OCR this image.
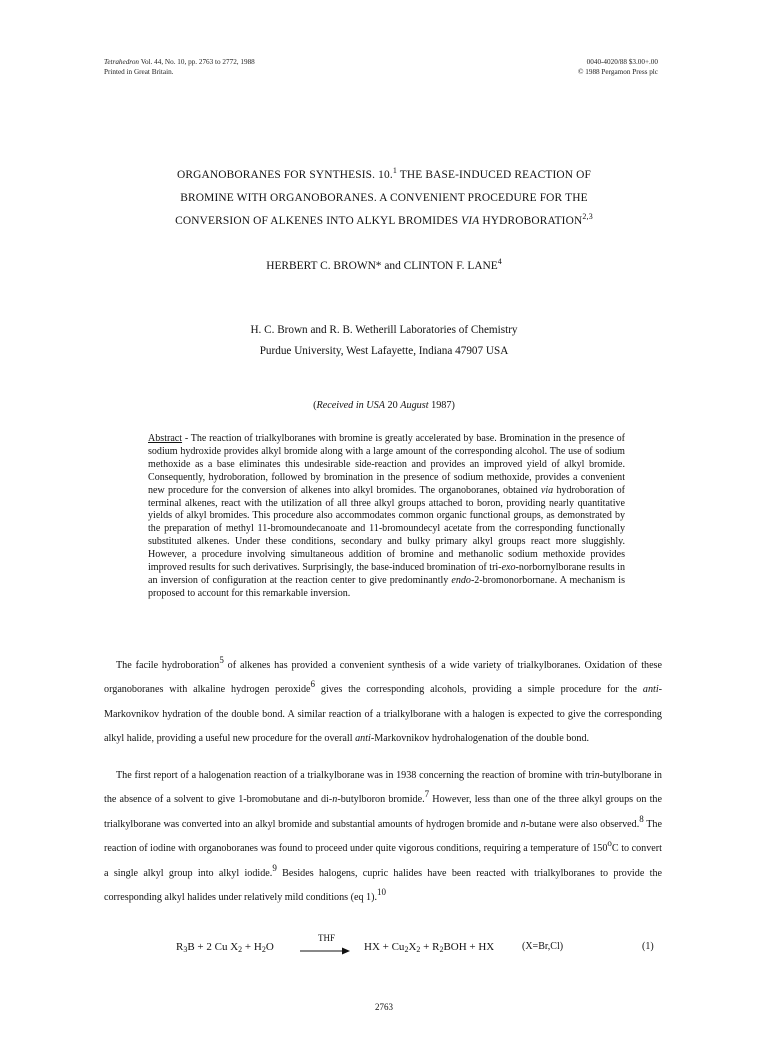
Tetrahedron Vol. 44, No. 10, pp. 2763 to 2772, 1988
Printed in Great Britain.
0040-4020/88 $3.00+.00
© 1988 Pergamon Press plc
ORGANOBORANES FOR SYNTHESIS. 10.$^1$ THE BASE-INDUCED REACTION OF
BROMINE WITH ORGANOBORANES. A CONVENIENT PROCEDURE FOR THE
CONVERSION OF ALKENES INTO ALKYL BROMIDES VIA HYDROBORATION$^{2,3}$
HERBERT C. BROWN* and CLINTON F. LANE$^4$
H. C. Brown and R. B. Wetherill Laboratories of Chemistry
Purdue University, West Lafayette, Indiana 47907 USA
(Received in USA 20 August 1987)
Abstract - The reaction of trialkylboranes with bromine is greatly accelerated by base. Bromination in the presence of sodium hydroxide provides alkyl bromide along with a large amount of the corresponding alcohol. The use of sodium methoxide as a base eliminates this undesirable side-reaction and provides an improved yield of alkyl bromide. Consequently, hydroboration, followed by bromination in the presence of sodium methoxide, provides a convenient new procedure for the conversion of alkenes into alkyl bromides. The organoboranes, obtained via hydroboration of terminal alkenes, react with the utilization of all three alkyl groups attached to boron, providing nearly quantitative yields of alkyl bromides. This procedure also accommodates common organic functional groups, as demonstrated by the preparation of methyl 11-bromoundecanoate and 11-bromoundecyl acetate from the corresponding functionally substituted alkenes. Under these conditions, secondary and bulky primary alkyl groups react more sluggishly. However, a procedure involving simultaneous addition of bromine and methanolic sodium methoxide provides improved results for such derivatives. Surprisingly, the base-induced bromination of tri-exo-norbornylborane results in an inversion of configuration at the reaction center to give predominantly endo-2-bromonorbornane. A mechanism is proposed to account for this remarkable inversion.

The facile hydroboration$^5$ of alkenes has provided a convenient synthesis of a wide variety of trialkylboranes. Oxidation of these organoboranes with alkaline hydrogen peroxide$^6$ gives the corresponding alcohols, providing a simple procedure for the anti-Markovnikov hydration of the double bond. A similar reaction of a trialkylborane with a halogen is expected to give the corresponding alkyl halide, providing a useful new procedure for the overall anti-Markovnikov hydrohalogenation of the double bond.

The first report of a halogenation reaction of a trialkylborane was in 1938 concerning the reaction of bromine with trin-butylborane in the absence of a solvent to give 1-bromobutane and di-n-butylboron bromide.$^7$ However, less than one of the three alkyl groups on the trialkylborane was converted into an alkyl bromide and substantial amounts of hydrogen bromide and n-butane were also observed.$^8$ The reaction of iodine with organoboranes was found to proceed under quite vigorous conditions, requiring a temperature of 150$^o$C to convert a single alkyl group into alkyl iodide.$^9$ Besides halogens, cupric halides have been reacted with trialkylboranes to provide the corresponding alkyl halides under relatively mild conditions (eq 1).$^{10}$

$R_3B + 2$ Cu $X_2 + H_2O$
THF
HX + $Cu_2X_2 + R_2BOH$ + HX	(X=Br,Cl)	(1)
2763
